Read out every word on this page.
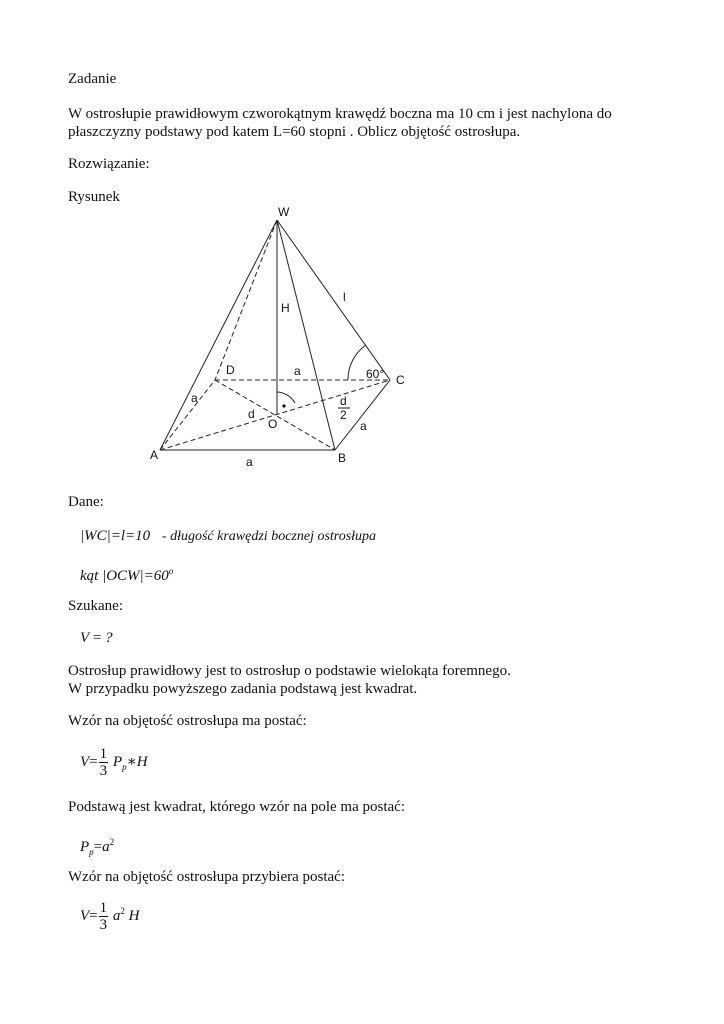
Zadanie
W ostrosłupie prawidłowym czworokątnym krawędź boczna ma 10 cm i jest nachylona do
płaszczyzny podstawy pod katem L=60 stopni . Oblicz objętość ostrosłupa.
Rozwiązanie:
Rysunek
W
H
l
D	a	60° C
a	d
2
d
O	a
A	B
a
Dane:
|WC|=l=10 - długość krawędzi bocznej ostrosłupa
kąt $|OCW|=60^o$
Szukane:
V = ?
Ostrosłup prawidłowy jest to ostrosłup o podstawie wielokąta foremnego.
W przypadku powyższego zadania podstawą jest kwadrat.
Wzór na objętość ostrosłupa ma postać:
$V= \frac{1}{3}$ $P_p∗H$
Podstawą jest kwadrat, którego wzór na pole ma postać:
$P_p=a^2$
Wzór na objętość ostrosłupa przybiera postać:
$V= \frac{1}{3} a^2$ H
